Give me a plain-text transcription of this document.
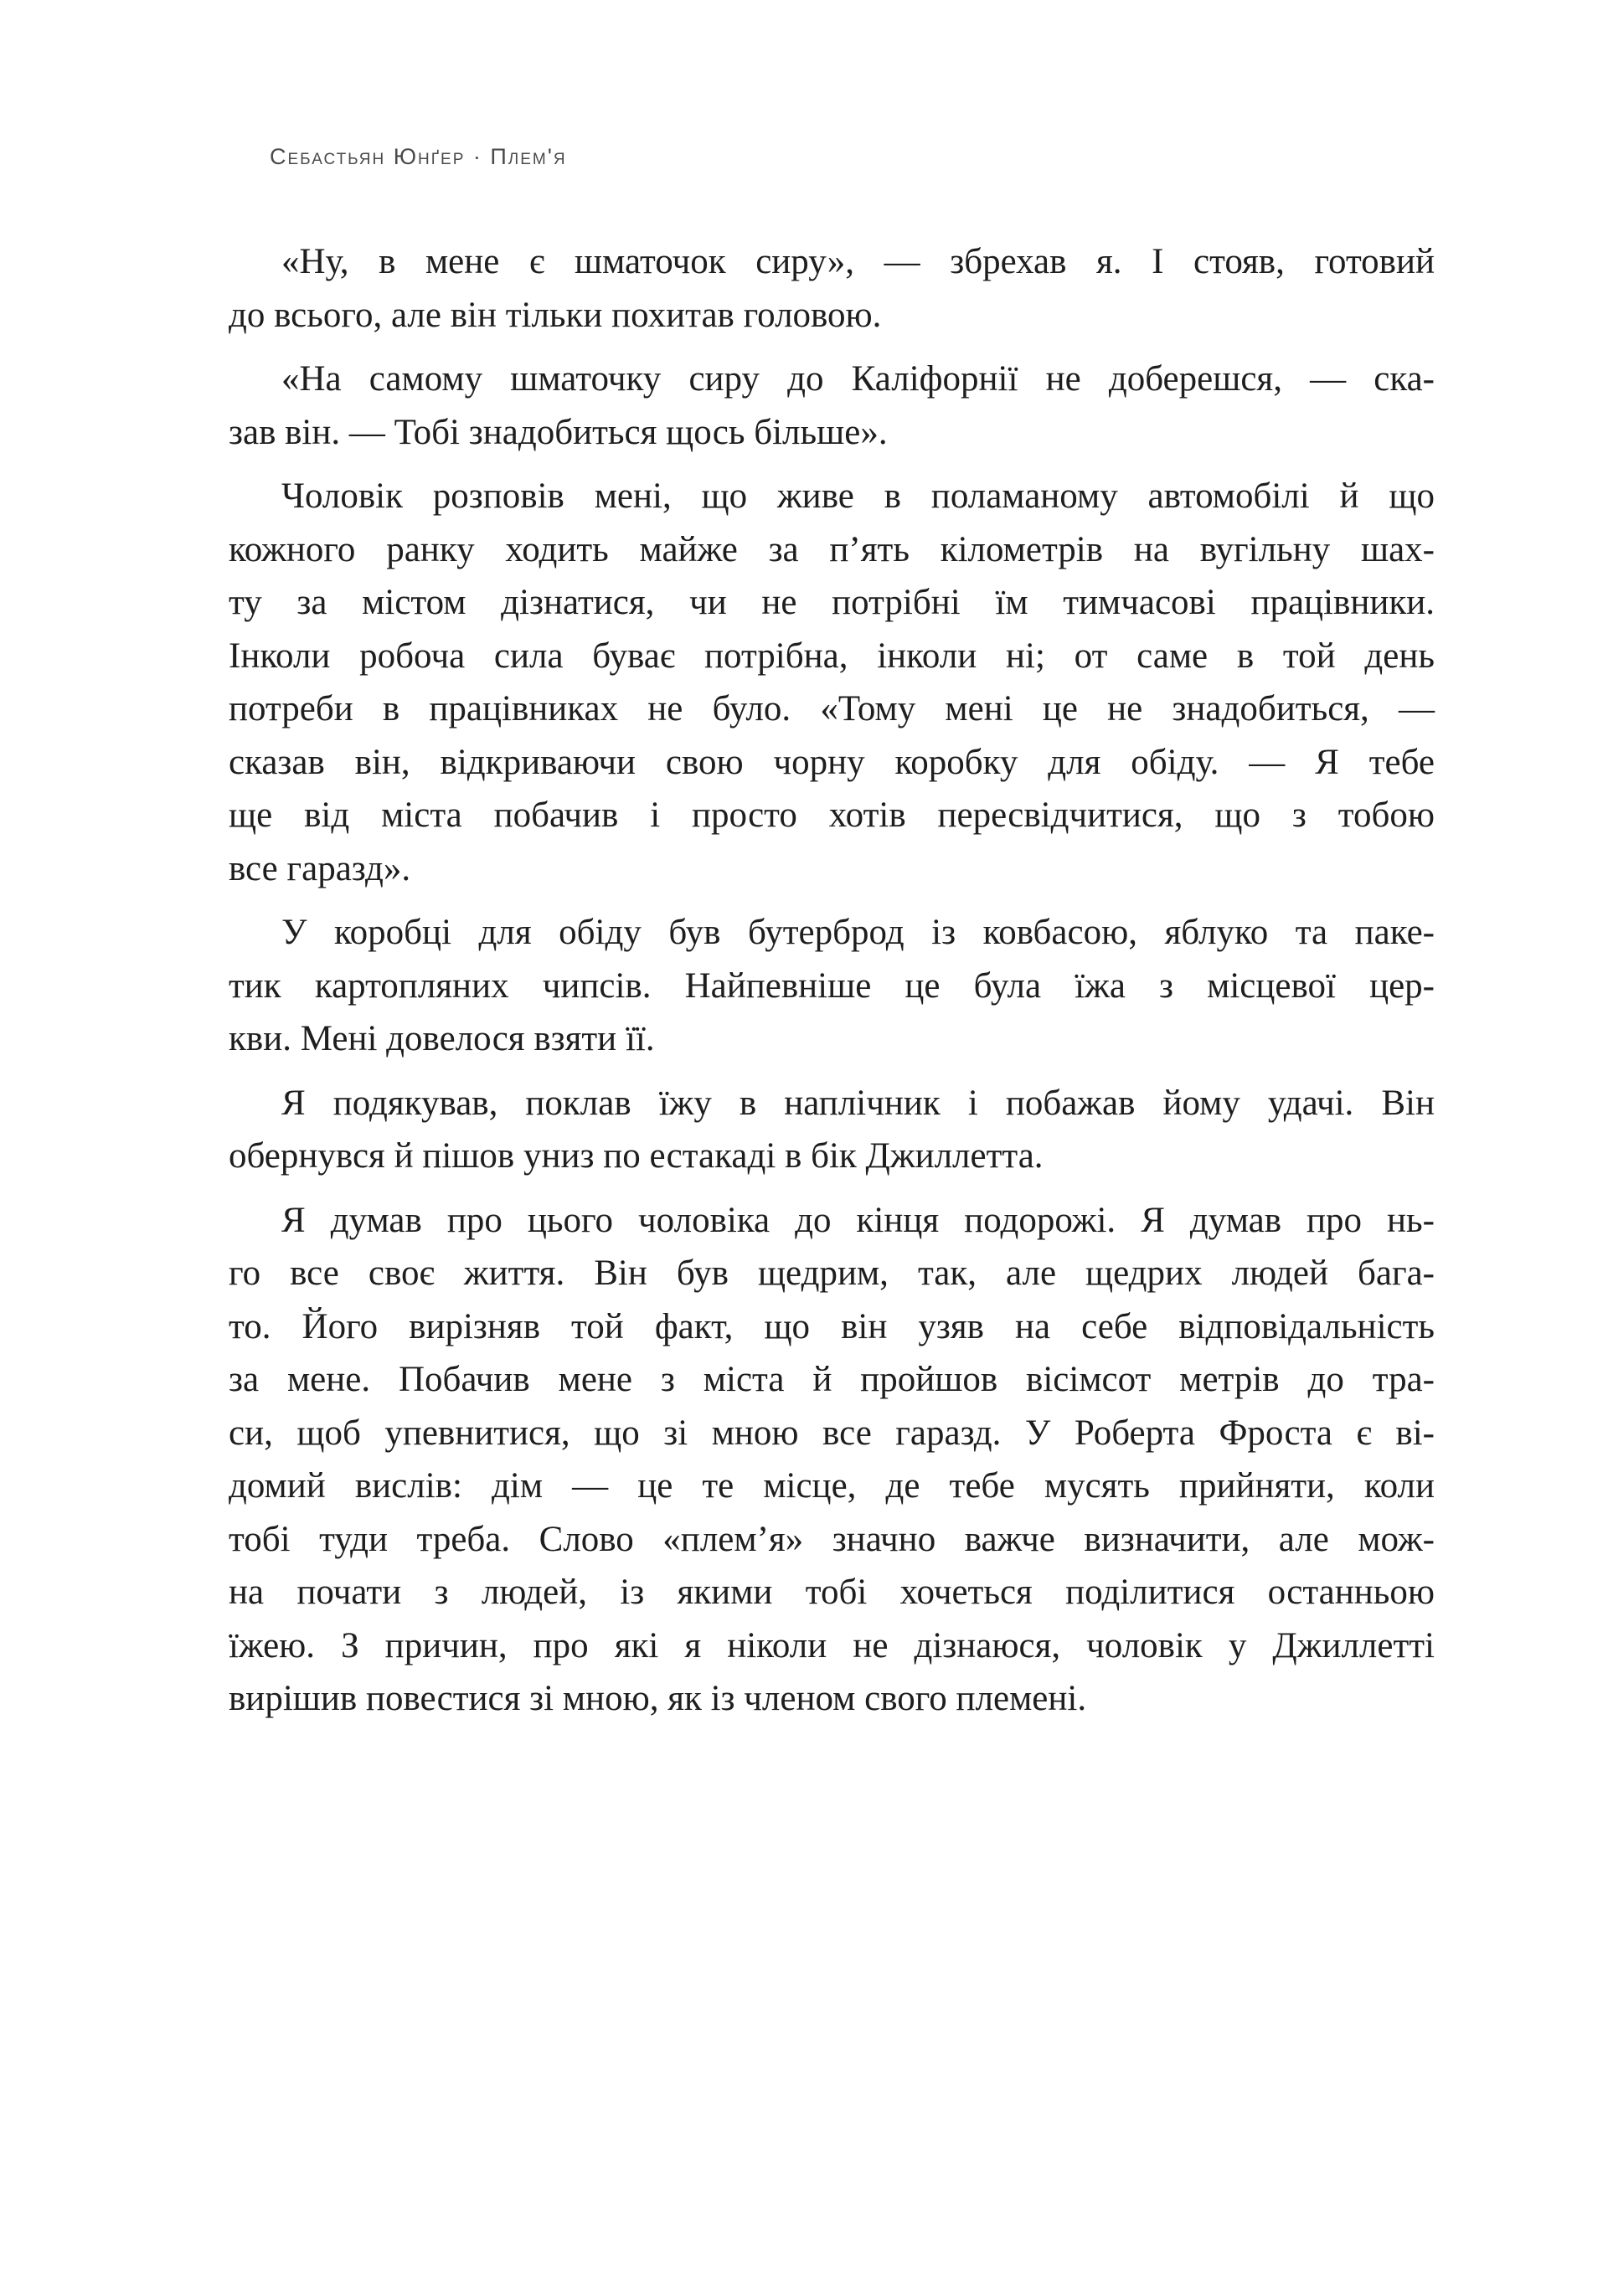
Себастьян Юнґер · Плем'я
«Ну, в мене є шматочок сиру», — збрехав я. І стояв, готовий
до всього, але він тільки похитав головою.
«На самому шматочку сиру до Каліфорнії не доберешся, — ска-
зав він. — Тобі знадобиться щось більше».
Чоловік розповів мені, що живе в поламаному автомобілі й що
кожного ранку ходить майже за п’ять кілометрів на вугільну шах-
ту за містом дізнатися, чи не потрібні їм тимчасові працівники.
Інколи робоча сила буває потрібна, інколи ні; от саме в той день
потреби в працівниках не було. «Тому мені це не знадобиться, —
сказав він, відкриваючи свою чорну коробку для обіду. — Я тебе
ще від міста побачив і просто хотів пересвідчитися, що з тобою
все гаразд».
У коробці для обіду був бутерброд із ковбасою, яблуко та паке-
тик картопляних чипсів. Найпевніше це була їжа з місцевої цер-
кви. Мені довелося взяти її.
Я подякував, поклав їжу в наплічник і побажав йому удачі. Він
обернувся й пішов униз по естакаді в бік Джиллетта.
Я думав про цього чоловіка до кінця подорожі. Я думав про нь-
го все своє життя. Він був щедрим, так, але щедрих людей бага-
то. Його вирізняв той факт, що він узяв на себе відповідальність
за мене. Побачив мене з міста й пройшов вісімсот метрів до тра-
си, щоб упевнитися, що зі мною все гаразд. У Роберта Фроста є ві-
домий вислів: дім — це те місце, де тебе мусять прийняти, коли
тобі туди треба. Слово «плем’я» значно важче визначити, але мож-
на почати з людей, із якими тобі хочеться поділитися останньою
їжею. З причин, про які я ніколи не дізнаюся, чоловік у Джиллетті
вирішив повестися зі мною, як із членом свого племені.
